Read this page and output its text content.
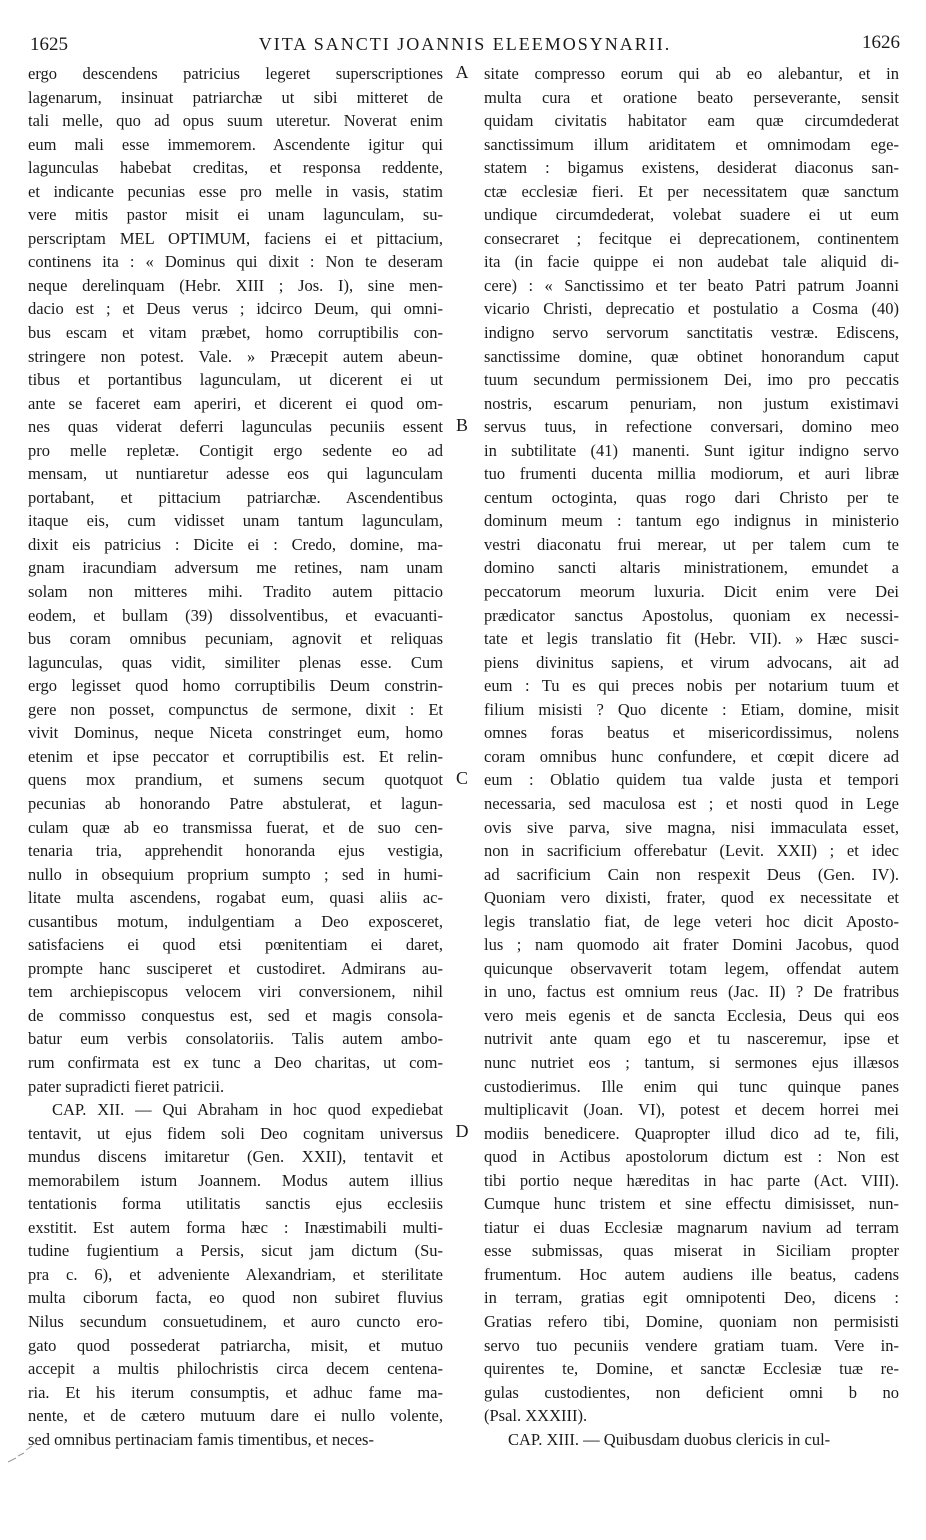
1625	VITA SANCTI JOANNIS ELEEMOSYNARII.	1626
ergo descendens patricius legeret superscriptiones
lagenarum, insinuat patriarchæ ut sibi mitteret de
tali melle, quo ad opus suum uteretur. Noverat enim
eum mali esse immemorem. Ascendente igitur qui
lagunculas habebat creditas, et responsa reddente,
et indicante pecunias esse pro melle in vasis, statim
vere mitis pastor misit ei unam lagunculam, su-
perscriptam MEL OPTIMUM, faciens ei et pittacium,
continens ita : « Dominus qui dixit : Non te deseram
neque derelinquam (Hebr. XIII ; Jos. I), sine men-
dacio est ; et Deus verus ; idcirco Deum, qui omni-
bus escam et vitam præbet, homo corruptibilis con-
stringere non potest. Vale. » Præcepit autem abeun-
tibus et portantibus lagunculam, ut dicerent ei ut
ante se faceret eam aperiri, et dicerent ei quod om-
nes quas viderat deferri lagunculas pecuniis essent
pro melle repletæ. Contigit ergo sedente eo ad
mensam, ut nuntiaretur adesse eos qui lagunculam
portabant, et pittacium patriarchæ. Ascendentibus
itaque eis, cum vidisset unam tantum lagunculam,
dixit eis patricius : Dicite ei : Credo, domine, ma-
gnam iracundiam adversum me retines, nam unam
solam non mitteres mihi. Tradito autem pittacio
eodem, et bullam (39) dissolventibus, et evacuanti-
bus coram omnibus pecuniam, agnovit et reliquas
lagunculas, quas vidit, similiter plenas esse. Cum
ergo legisset quod homo corruptibilis Deum constrin-
gere non posset, compunctus de sermone, dixit : Et
vivit Dominus, neque Niceta constringet eum, homo
etenim et ipse peccator et corruptibilis est. Et relin-
quens mox prandium, et sumens secum quotquot
pecunias ab honorando Patre abstulerat, et lagun-
culam quæ ab eo transmissa fuerat, et de suo cen-
tenaria tria, apprehendit honoranda ejus vestigia,
nullo in obsequium proprium sumpto ; sed in humi-
litate multa ascendens, rogabat eum, quasi aliis ac-
cusantibus motum, indulgentiam a Deo exposceret,
satisfaciens ei quod etsi pœnitentiam ei daret,
prompte hanc susciperet et custodiret. Admirans au-
tem archiepiscopus velocem viri conversionem, nihil
de commisso conquestus est, sed et magis consola-
batur eum verbis consolatoriis. Talis autem ambo-
rum confirmata est ex tunc a Deo charitas, ut com-
pater supradicti fieret patricii.
CAP. XII. — Qui Abraham in hoc quod expediebat
tentavit, ut ejus fidem soli Deo cognitam universus
mundus discens imitaretur (Gen. XXII), tentavit et
memorabilem istum Joannem. Modus autem illius
tentationis forma utilitatis sanctis ejus ecclesiis
exstitit. Est autem forma hæc : Inæstimabili multi-
tudine fugientium a Persis, sicut jam dictum (Su-
pra c. 6), et adveniente Alexandriam, et sterilitate
multa ciborum facta, eo quod non subiret fluvius
Nilus secundum consuetudinem, et auro cuncto ero-
gato quod possederat patriarcha, misit, et mutuo
accepit a multis philochristis circa decem centena-
ria. Et his iterum consumptis, et adhuc fame ma-
nente, et de cætero mutuum dare ei nullo volente,
sed omnibus pertinaciam famis timentibus, et neces-
sitate compresso eorum qui ab eo alebantur, et in
multa cura et oratione beato perseverante, sensit
quidam civitatis habitator eam quæ circumdederat
sanctissimum illum ariditatem et omnimodam ege-
statem : bigamus existens, desiderat diaconus san-
ctæ ecclesiæ fieri. Et per necessitatem quæ sanctum
undique circumdederat, volebat suadere ei ut eum
consecraret ; fecitque ei deprecationem, continentem
ita (in facie quippe ei non audebat tale aliquid di-
cere) : « Sanctissimo et ter beato Patri patrum Joanni
vicario Christi, deprecatio et postulatio a Cosma (40)
indigno servo servorum sanctitatis vestræ. Ediscens,
sanctissime domine, quæ obtinet honorandum caput
tuum secundum permissionem Dei, imo pro peccatis
nostris, escarum penuriam, non justum existimavi
servus tuus, in refectione conversari, domino meo
in subtilitate (41) manenti. Sunt igitur indigno servo
tuo frumenti ducenta millia modiorum, et auri libræ
centum octoginta, quas rogo dari Christo per te
dominum meum : tantum ego indignus in ministerio
vestri diaconatu frui merear, ut per talem cum te
domino sancti altaris ministrationem, emundet a
peccatorum meorum luxuria. Dicit enim vere Dei
prædicator sanctus Apostolus, quoniam ex necessi-
tate et legis translatio fit (Hebr. VII). » Hæc susci-
piens divinitus sapiens, et virum advocans, ait ad
eum : Tu es qui preces nobis per notarium tuum et
filium misisti ? Quo dicente : Etiam, domine, misit
omnes foras beatus et misericordissimus, nolens
coram omnibus hunc confundere, et cœpit dicere ad
eum : Oblatio quidem tua valde justa et tempori
necessaria, sed maculosa est ; et nosti quod in Lege
ovis sive parva, sive magna, nisi immaculata esset,
non in sacrificium offerebatur (Levit. XXII) ; et idec
ad sacrificium Cain non respexit Deus (Gen. IV).
Quoniam vero dixisti, frater, quod ex necessitate et
legis translatio fiat, de lege veteri hoc dicit Aposto-
lus ; nam quomodo ait frater Domini Jacobus, quod
quicunque observaverit totam legem, offendat autem
in uno, factus est omnium reus (Jac. II) ? De fratribus
vero meis egenis et de sancta Ecclesia, Deus qui eos
nutrivit ante quam ego et tu nasceremur, ipse et
nunc nutriet eos ; tantum, si sermones ejus illæsos
custodierimus. Ille enim qui tunc quinque panes
multiplicavit (Joan. VI), potest et decem horrei mei
modiis benedicere. Quapropter illud dico ad te, fili,
quod in Actibus apostolorum dictum est : Non est
tibi portio neque hæreditas in hac parte (Act. VIII).
Cumque hunc tristem et sine effectu dimisisset, nun-
tiatur ei duas Ecclesiæ magnarum navium ad terram
esse submissas, quas miserat in Siciliam propter
frumentum. Hoc autem audiens ille beatus, cadens
in terram, gratias egit omnipotenti Deo, dicens :
Gratias refero tibi, Domine, quoniam non permisisti
servo tuo pecuniis vendere gratiam tuam. Vere in-
quirentes te, Domine, et sanctæ Ecclesiæ tuæ re-
gulas custodientes, non deficient omni b no
(Psal. XXXIII).
CAP. XIII. — Quibusdam duobus clericis in cul-
A
B
C
D
